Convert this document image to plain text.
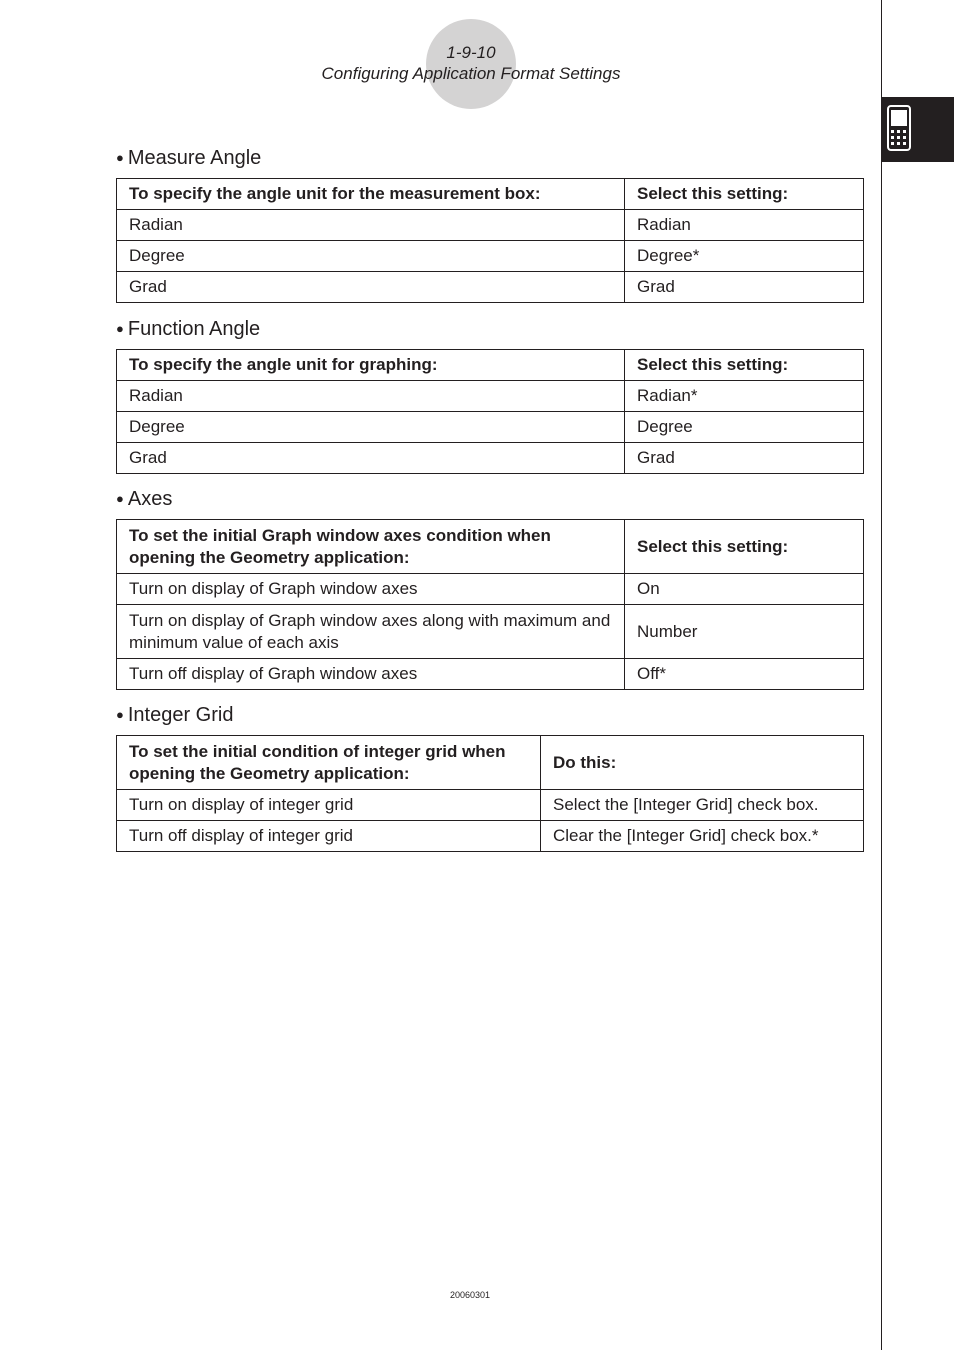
1-9-10
Configuring Application Format Settings
● Measure Angle
To specify the angle unit for the measurement box:	Select this setting:
Radian	Radian
Degree	Degree*
Grad	Grad
● Function Angle
To specify the angle unit for graphing:	Select this setting:
Radian	Radian*
Degree	Degree
Grad	Grad
● Axes
To set the initial Graph window axes condition when opening the Geometry application:	Select this setting:
Turn on display of Graph window axes	On
Turn on display of Graph window axes along with maximum and minimum value of each axis	Number
Turn off display of Graph window axes	Off*
● Integer Grid
To set the initial condition of integer grid when opening the Geometry application:	Do this:
Turn on display of integer grid	Select the [Integer Grid] check box.
Turn off display of integer grid	Clear the [Integer Grid] check box.*
20060301
